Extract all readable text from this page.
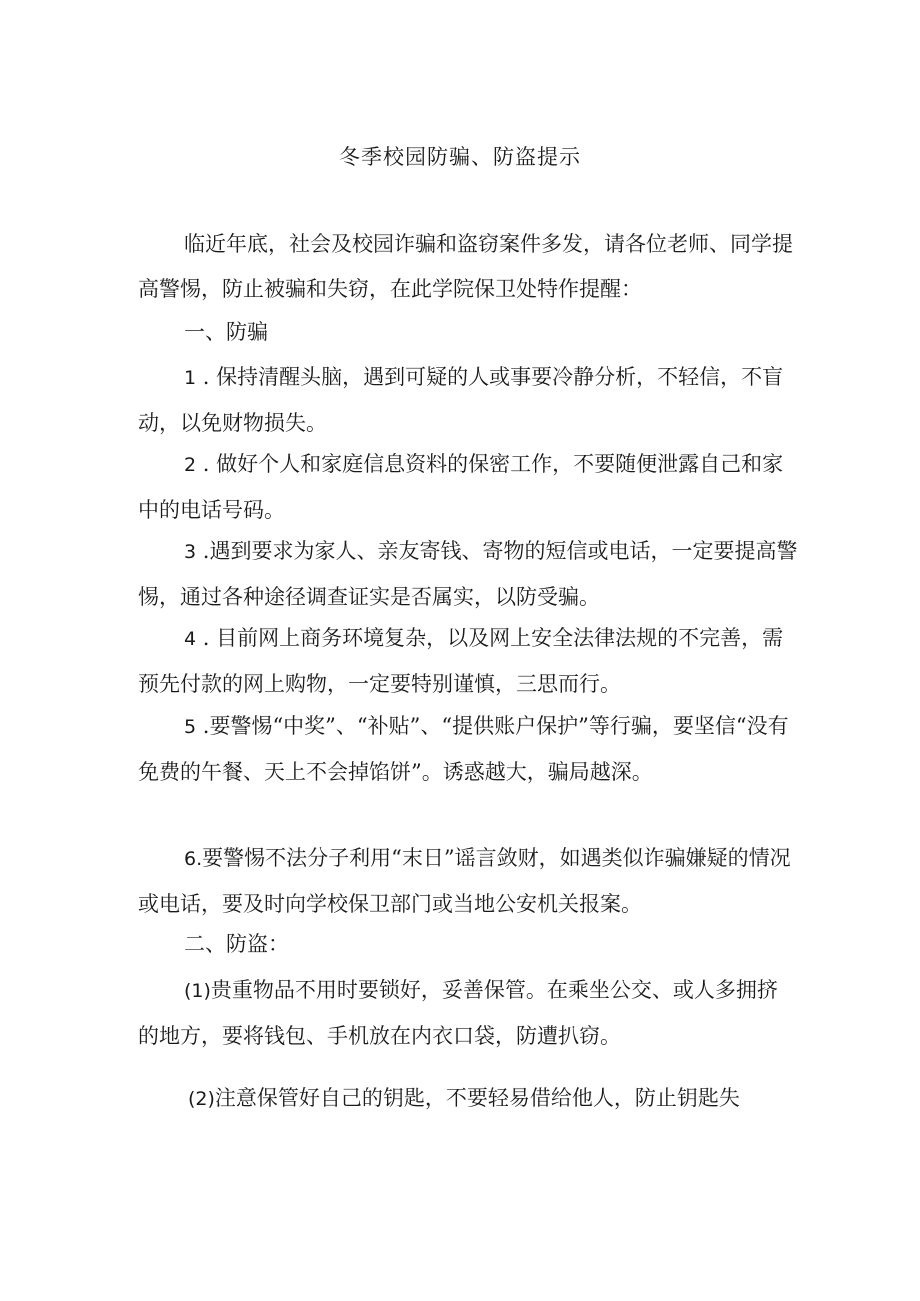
冬季校园防骗、防盗提示

临近年底，社会及校园诈骗和盗窃案件多发，请各位老师、同学提高警惕，防止被骗和失窃，在此学院保卫处特作提醒：

一、防骗

1 . 保持清醒头脑，遇到可疑的人或事要冷静分析，不轻信，不盲动，以免财物损失。

2 . 做好个人和家庭信息资料的保密工作，不要随便泄露自己和家中的电话号码。

3 .遇到要求为家人、亲友寄钱、寄物的短信或电话，一定要提高警惕，通过各种途径调查证实是否属实，以防受骗。

4 . 目前网上商务环境复杂，以及网上安全法律法规的不完善，需预先付款的网上购物，一定要特别谨慎，三思而行。

5 .要警惕“中奖”、“补贴”、“提供账户保护”等行骗，要坚信“没有免费的午餐、天上不会掉馅饼”。诱惑越大，骗局越深。

6.要警惕不法分子利用“末日”谣言敛财，如遇类似诈骗嫌疑的情况或电话，要及时向学校保卫部门或当地公安机关报案。

二、防盗：

(1)贵重物品不用时要锁好，妥善保管。在乘坐公交、或人多拥挤的地方，要将钱包、手机放在内衣口袋，防遭扒窃。

(2)注意保管好自己的钥匙，不要轻易借给他人，防止钥匙失
